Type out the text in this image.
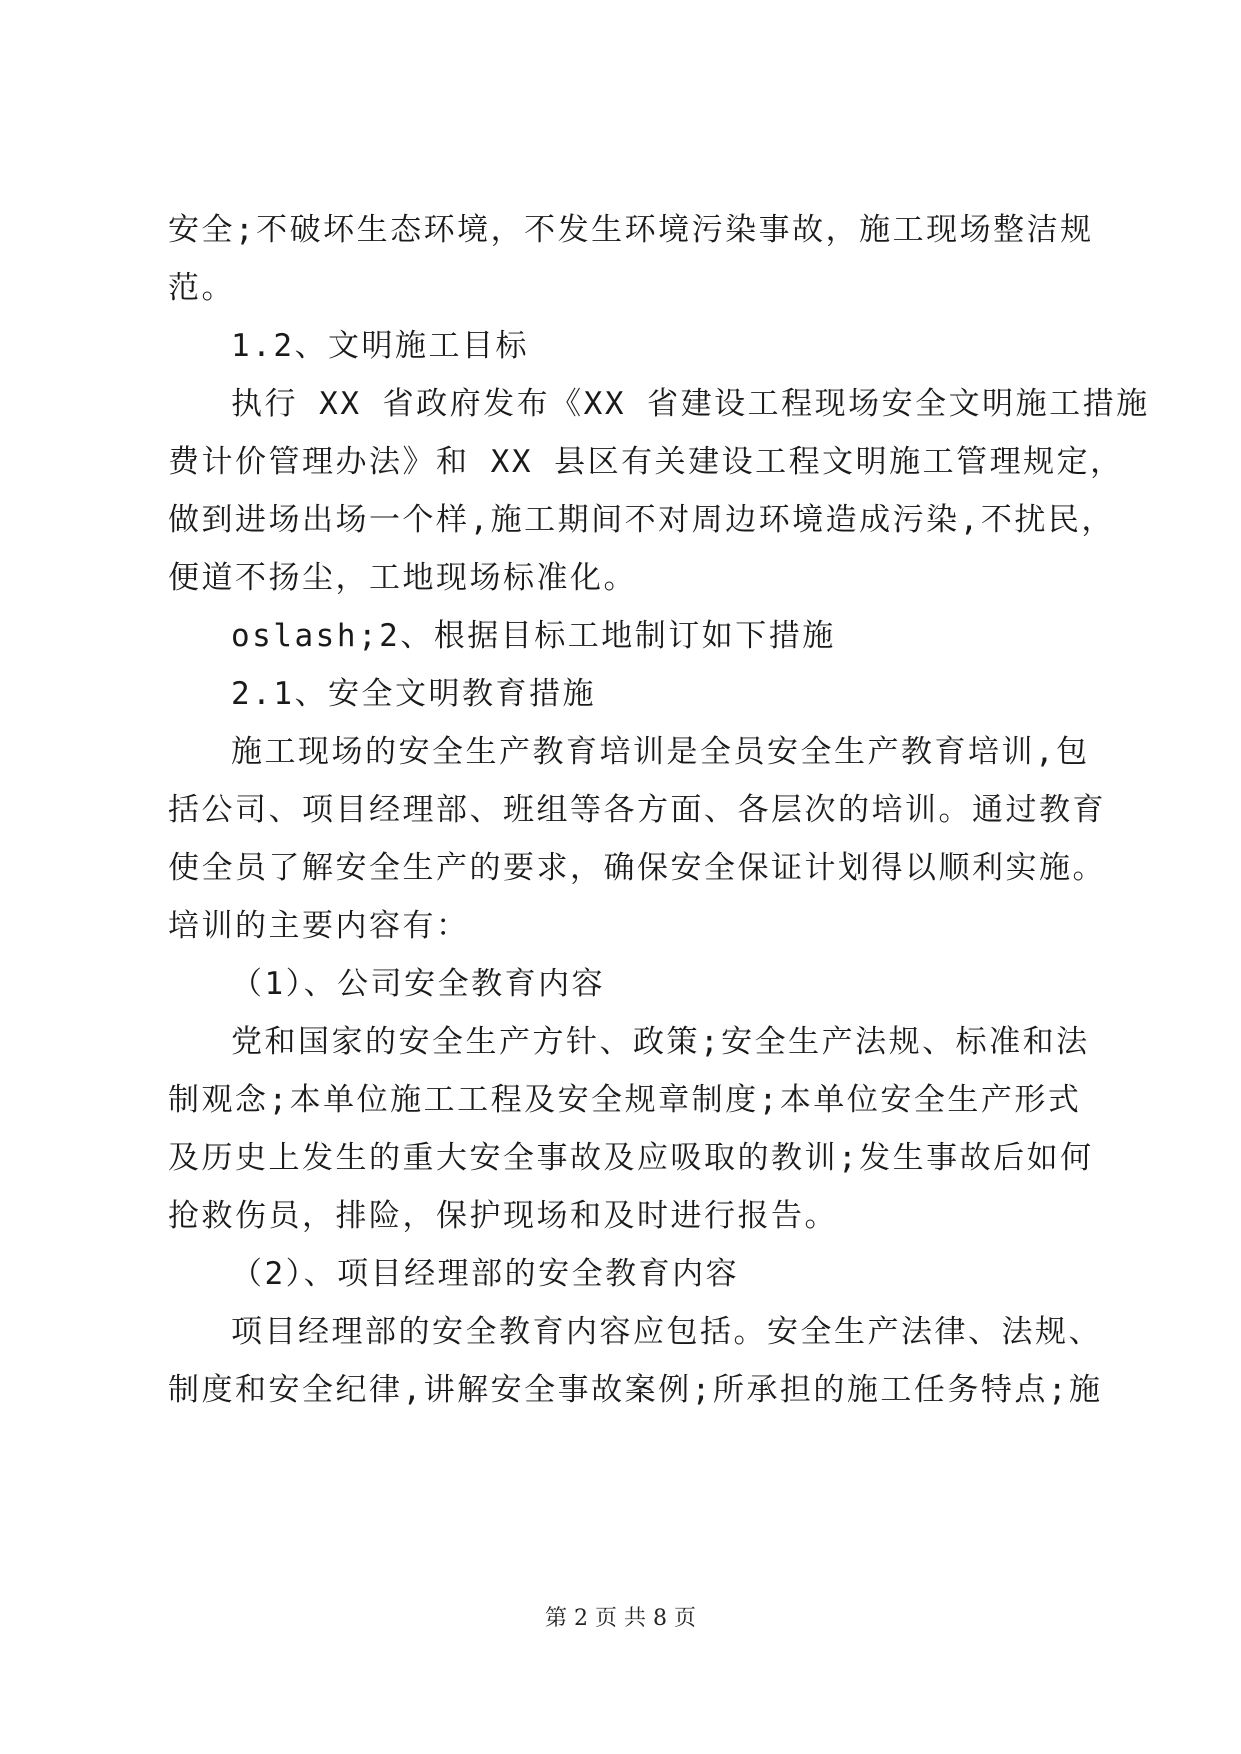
安全;不破坏生态环境，不发生环境污染事故，施工现场整洁规
范。
1.2、文明施工目标
执行 XX 省政府发布《XX 省建设工程现场安全文明施工措施
费计价管理办法》和 XX 县区有关建设工程文明施工管理规定，
做到进场出场一个样,施工期间不对周边环境造成污染,不扰民，
便道不扬尘，工地现场标准化。
oslash;2、根据目标工地制订如下措施
2.1、安全文明教育措施
施工现场的安全生产教育培训是全员安全生产教育培训,包
括公司、项目经理部、班组等各方面、各层次的培训。通过教育
使全员了解安全生产的要求，确保安全保证计划得以顺利实施。
培训的主要内容有：
（1）、公司安全教育内容
党和国家的安全生产方针、政策;安全生产法规、标准和法
制观念;本单位施工工程及安全规章制度;本单位安全生产形式
及历史上发生的重大安全事故及应吸取的教训;发生事故后如何
抢救伤员，排险，保护现场和及时进行报告。
（2）、项目经理部的安全教育内容
项目经理部的安全教育内容应包括。安全生产法律、法规、
制度和安全纪律,讲解安全事故案例;所承担的施工任务特点;施
第 2 页 共 8 页
